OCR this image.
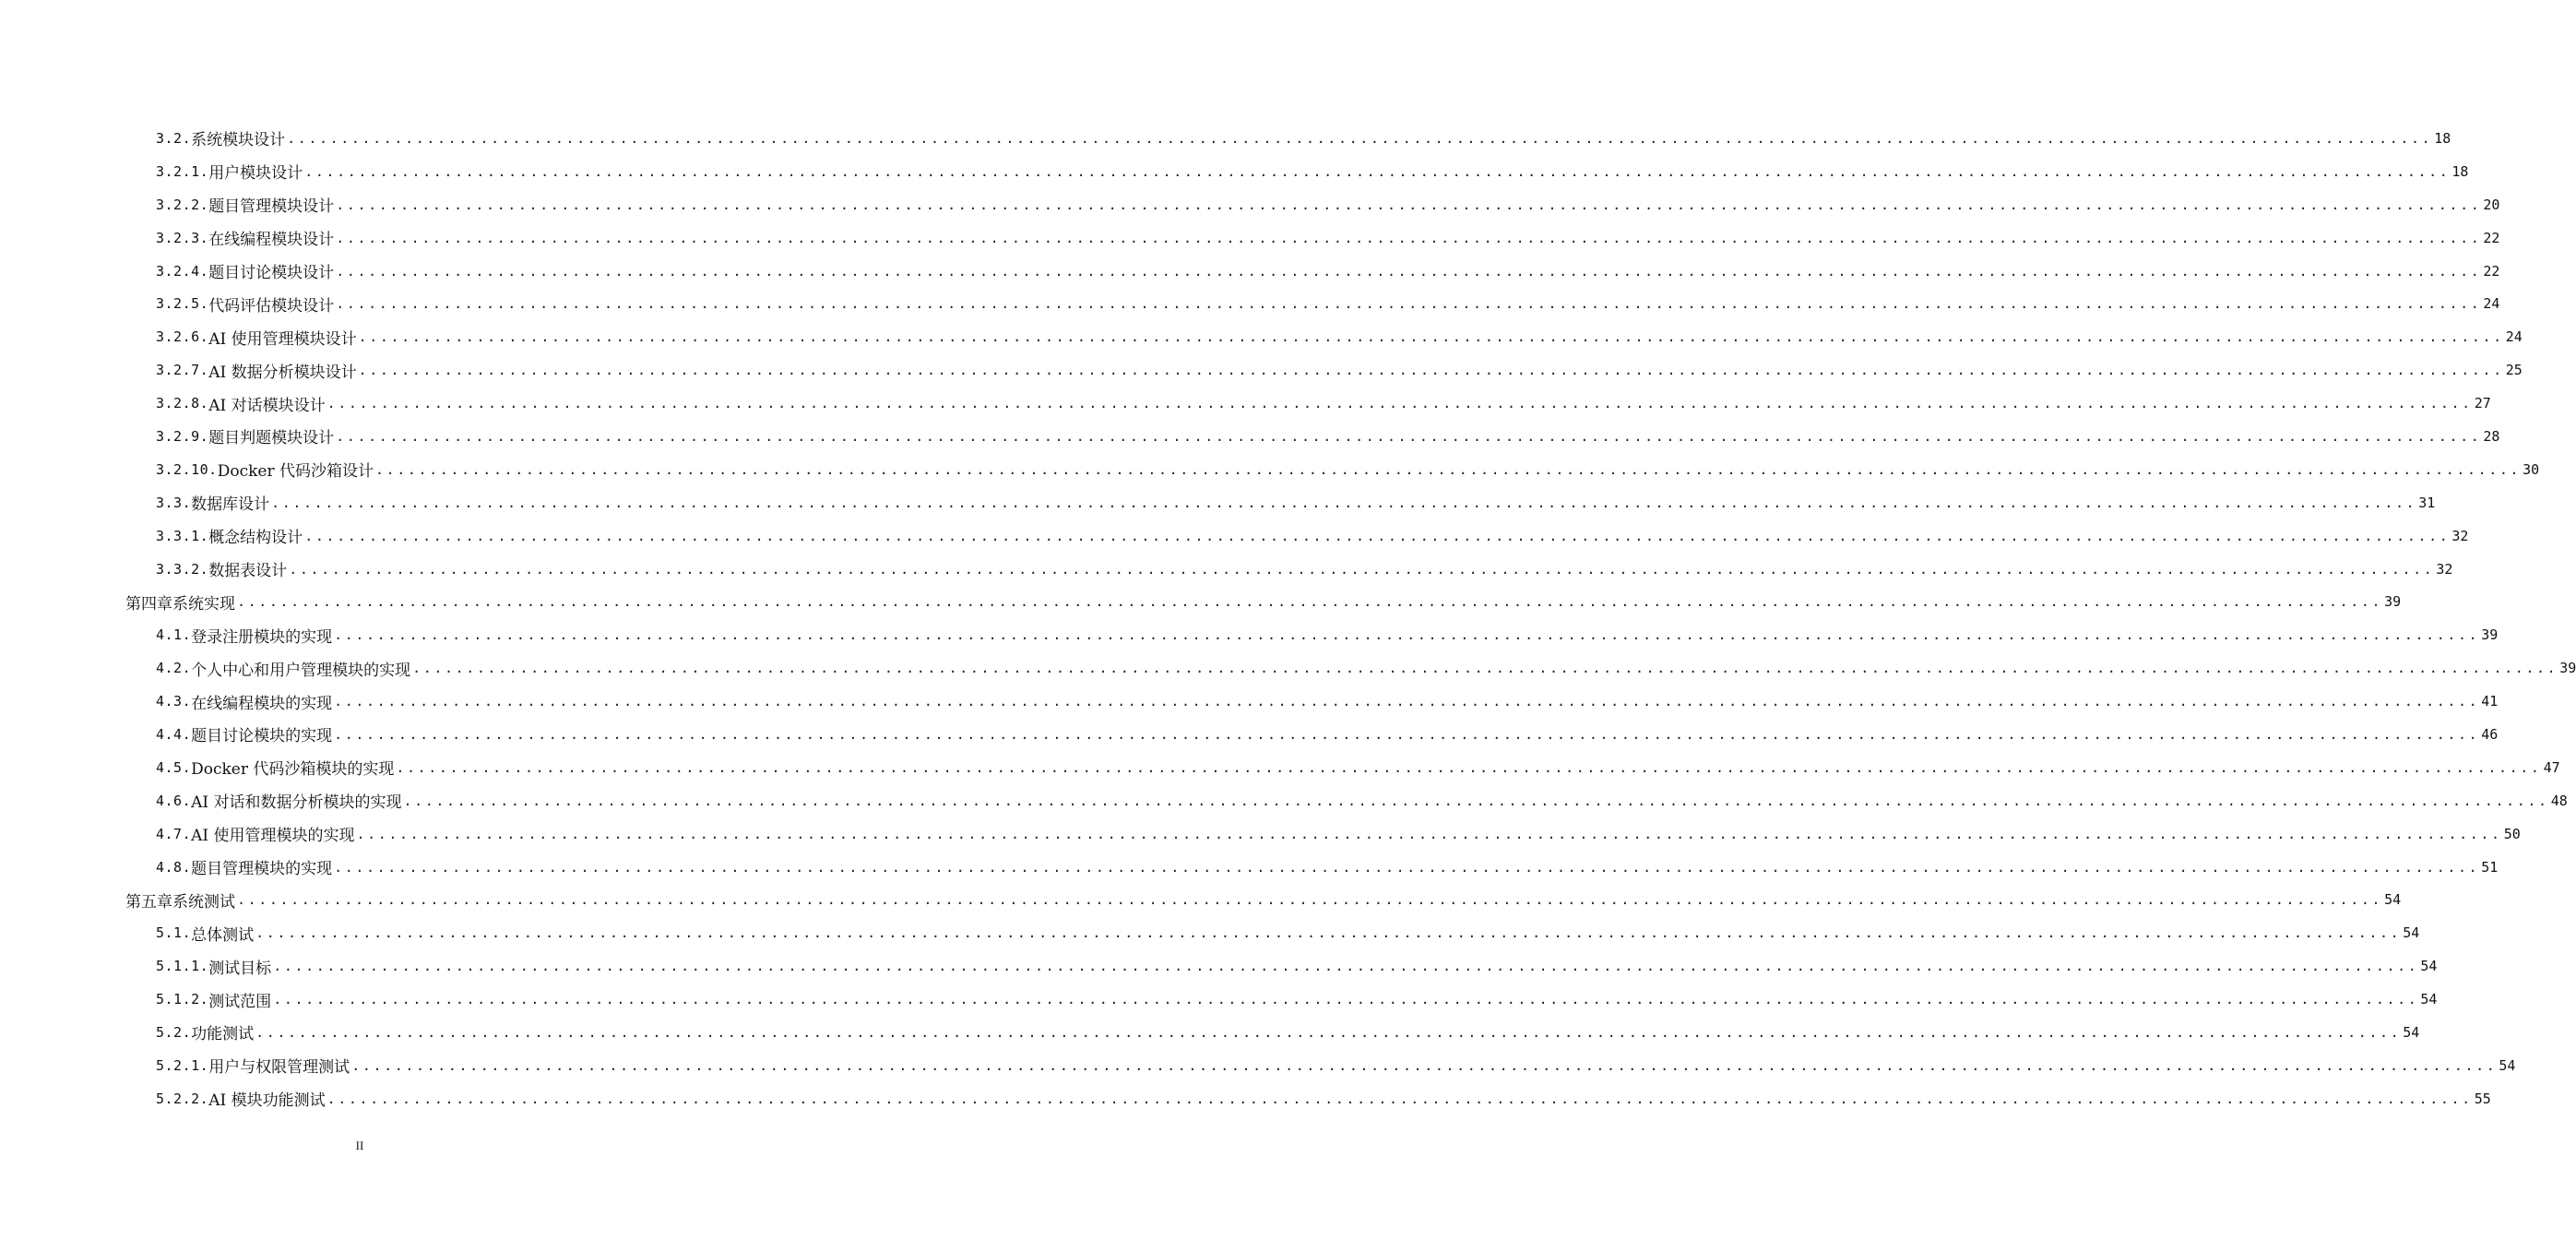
3.2. 系统模块设计 ........................................................................................................................................................................................................ 18
3.2.1. 用户模块设计 ........................................................................................................................................................................................................ 18
3.2.2. 题目管理模块设计 ........................................................................................................................................................................................................ 20
3.2.3. 在线编程模块设计 ........................................................................................................................................................................................................ 22
3.2.4. 题目讨论模块设计 ........................................................................................................................................................................................................ 22
3.2.5. 代码评估模块设计 ........................................................................................................................................................................................................ 24
3.2.6. AI 使用管理模块设计 ........................................................................................................................................................................................................ 24
3.2.7. AI 数据分析模块设计 ........................................................................................................................................................................................................ 25
3.2.8. AI 对话模块设计 ........................................................................................................................................................................................................ 27
3.2.9. 题目判题模块设计 ........................................................................................................................................................................................................ 28
3.2.10. Docker 代码沙箱设计 ........................................................................................................................................................................................................ 30
3.3. 数据库设计 ........................................................................................................................................................................................................ 31
3.3.1. 概念结构设计 ........................................................................................................................................................................................................ 32
3.3.2. 数据表设计 ........................................................................................................................................................................................................ 32
第四章 系统实现 ........................................................................................................................................................................................................ 39
4.1. 登录注册模块的实现 ........................................................................................................................................................................................................ 39
4.2. 个人中心和用户管理模块的实现 ........................................................................................................................................................................................................ 39
4.3. 在线编程模块的实现 ........................................................................................................................................................................................................ 41
4.4. 题目讨论模块的实现 ........................................................................................................................................................................................................ 46
4.5. Docker 代码沙箱模块的实现 ........................................................................................................................................................................................................ 47
4.6. AI 对话和数据分析模块的实现 ........................................................................................................................................................................................................ 48
4.7. AI 使用管理模块的实现 ........................................................................................................................................................................................................ 50
4.8. 题目管理模块的实现 ........................................................................................................................................................................................................ 51
第五章 系统测试 ........................................................................................................................................................................................................ 54
5.1. 总体测试 ........................................................................................................................................................................................................ 54
5.1.1. 测试目标 ........................................................................................................................................................................................................ 54
5.1.2. 测试范围 ........................................................................................................................................................................................................ 54
5.2. 功能测试 ........................................................................................................................................................................................................ 54
5.2.1. 用户与权限管理测试 ........................................................................................................................................................................................................ 54
5.2.2. AI 模块功能测试 ........................................................................................................................................................................................................ 55
II
